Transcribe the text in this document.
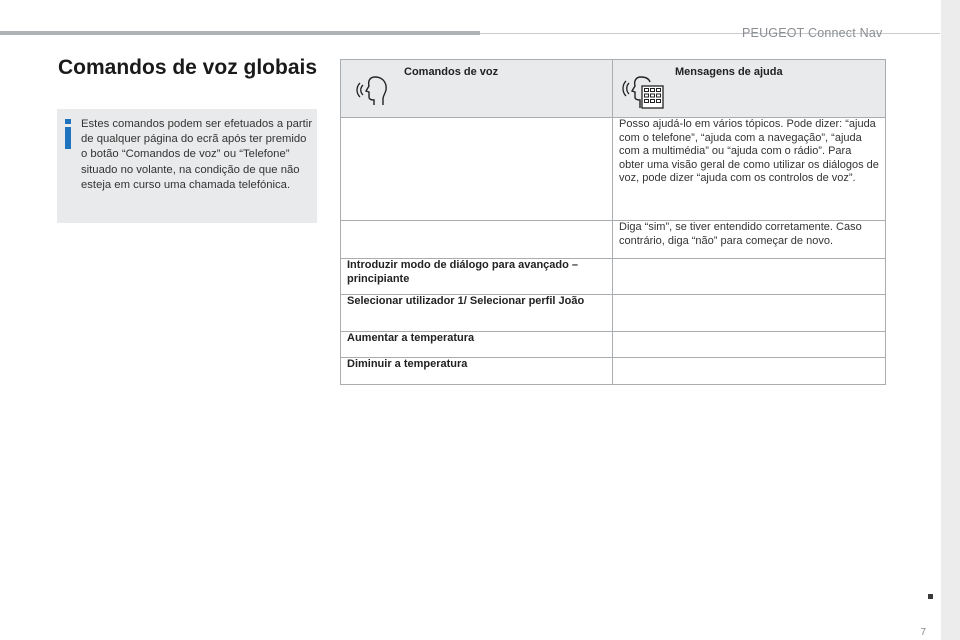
PEUGEOT Connect Nav
Comandos de voz globais
Estes comandos podem ser efetuados a partir de qualquer página do ecrã após ter premido o botão “Comandos de voz” ou “Telefone” situado no volante, na condição de que não esteja em curso uma chamada telefónica.
Comandos de voz	Mensagens de ajuda

	Posso ajudá-lo em vários tópicos. Pode dizer: “ajuda com o telefone”, “ajuda com a navegação”, “ajuda com a multimédia” ou “ajuda com o rádio”. Para obter uma visão geral de como utilizar os diálogos de voz, pode dizer “ajuda com os controlos de voz”.
	Diga “sim”, se tiver entendido corretamente. Caso contrário, diga “não” para começar de novo.
Introduzir modo de diálogo para avançado – principiante	
Selecionar utilizador 1/ Selecionar perfil João	
Aumentar a temperatura	
Diminuir a temperatura	
7
